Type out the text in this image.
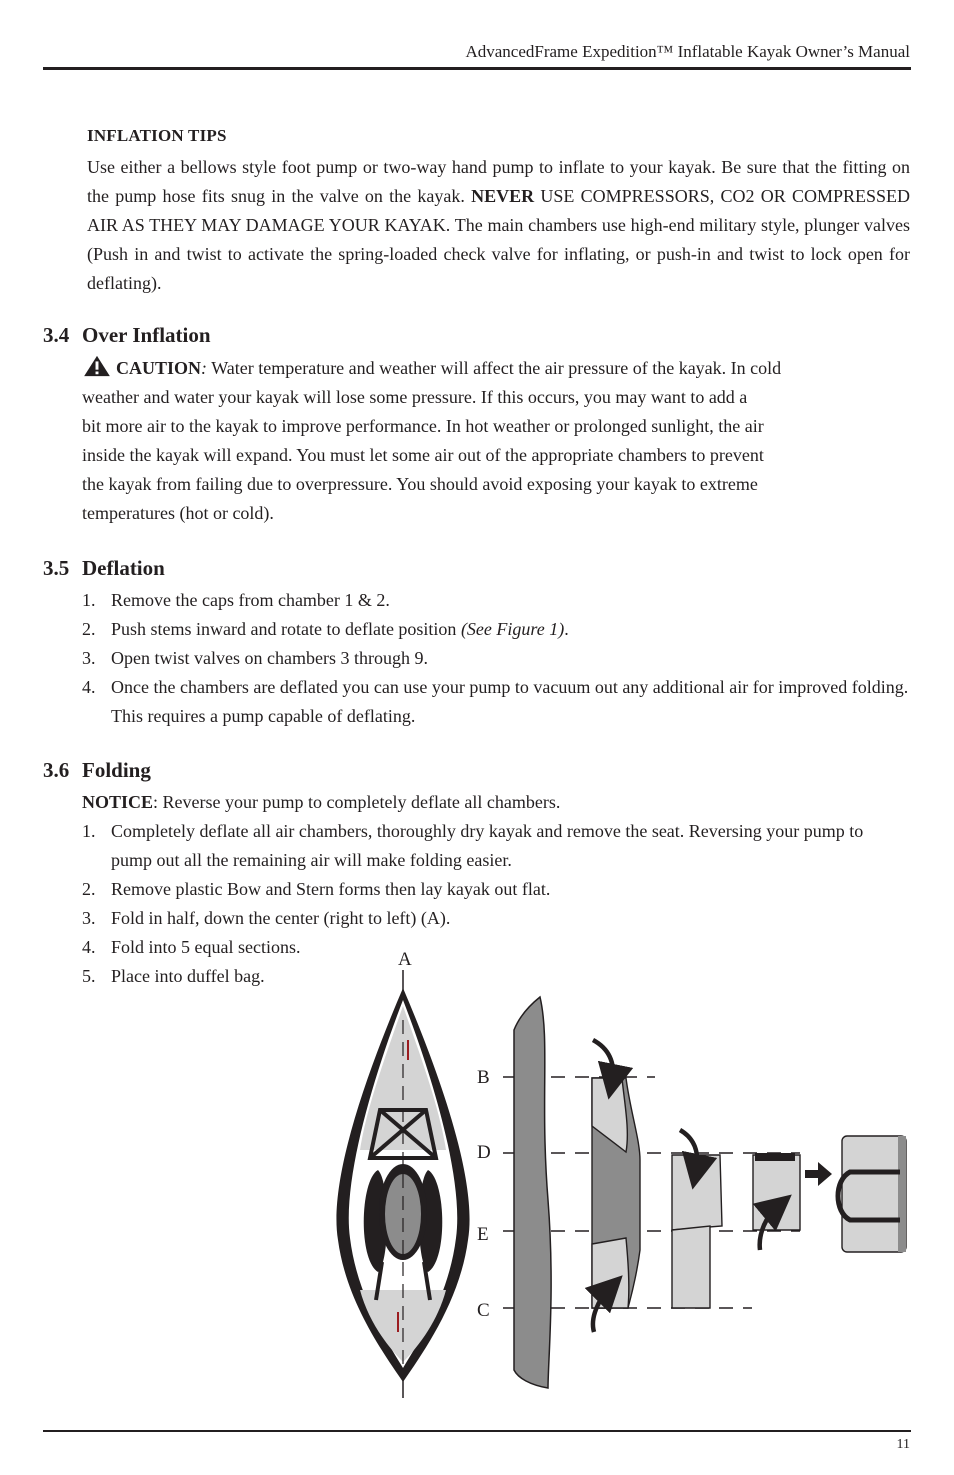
AdvancedFrame Expedition™ Inflatable Kayak Owner’s Manual
INFLATION TIPS
Use either a bellows style foot pump or two-way hand pump to inflate to your kayak. Be sure that the fitting on the pump hose fits snug in the valve on the kayak. NEVER USE COMPRESSORS, CO2 OR COMPRESSED AIR AS THEY MAY DAMAGE YOUR KAYAK. The main chambers use high-end military style, plunger valves (Push in and twist to activate the spring-loaded check valve for inflating, or push-in and twist to lock open for deflating).
3.4 Over Inflation
CAUTION: Water temperature and weather will affect the air pressure of the kayak. In cold
weather and water your kayak will lose some pressure. If this occurs, you may want to add a
bit more air to the kayak to improve performance. In hot weather or prolonged sunlight, the air
inside the kayak will expand. You must let some air out of the appropriate chambers to prevent
the kayak from failing due to overpressure. You should avoid exposing your kayak to extreme
temperatures (hot or cold).
3.5 Deflation
1. Remove the caps from chamber 1 & 2.
2. Push stems inward and rotate to deflate position (See Figure 1).
3. Open twist valves on chambers 3 through 9.
4. Once the chambers are deflated you can use your pump to vacuum out any additional air for improved folding. This requires a pump capable of deflating.
3.6 Folding
NOTICE: Reverse your pump to completely deflate all chambers.
1. Completely deflate all air chambers, thoroughly dry kayak and remove the seat. Reversing your pump to pump out all the remaining air will make folding easier.
2. Remove plastic Bow and Stern forms then lay kayak out flat.
3. Fold in half, down the center (right to left) (A).
4. Fold into 5 equal sections.
5. Place into duffel bag.
A
B
D
E
C
11
